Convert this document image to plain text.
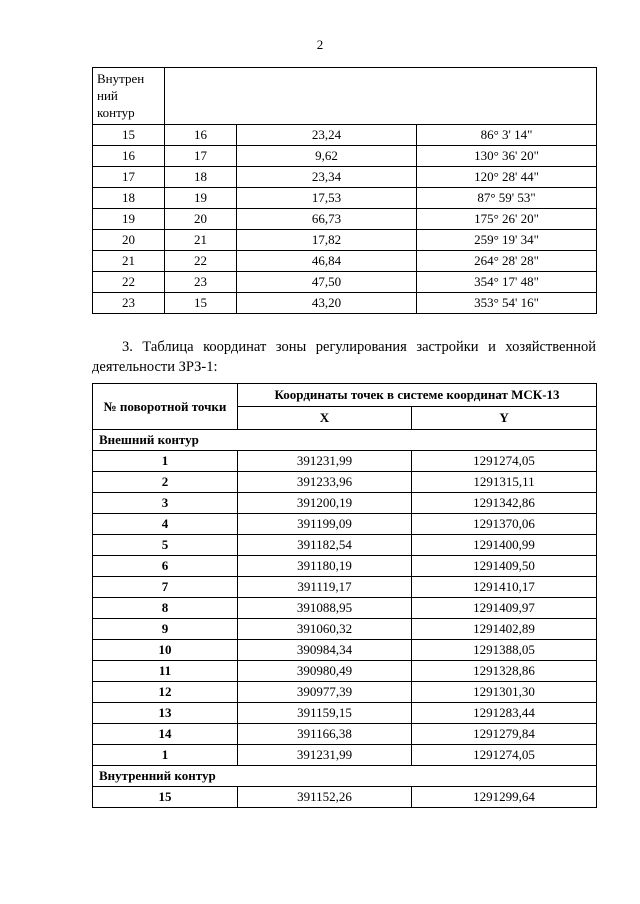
2
Внутрен
ний
контур			
15	16	23,24	86° 3' 14"
16	17	9,62	130° 36' 20"
17	18	23,34	120° 28' 44"
18	19	17,53	87° 59' 53"
19	20	66,73	175° 26' 20"
20	21	17,82	259° 19' 34"
21	22	46,84	264° 28' 28"
22	23	47,50	354° 17' 48"
23	15	43,20	353° 54' 16"
3. Таблица координат зоны регулирования застройки и хозяйственной деятельности ЗРЗ-1:
№ поворотной точки	Координаты точек в системе координат МСК-13	
	X	Y
Внешний контур		
1	391231,99	1291274,05
2	391233,96	1291315,11
3	391200,19	1291342,86
4	391199,09	1291370,06
5	391182,54	1291400,99
6	391180,19	1291409,50
7	391119,17	1291410,17
8	391088,95	1291409,97
9	391060,32	1291402,89
10	390984,34	1291388,05
11	390980,49	1291328,86
12	390977,39	1291301,30
13	391159,15	1291283,44
14	391166,38	1291279,84
1	391231,99	1291274,05
Внутренний контур		
15	391152,26	1291299,64
